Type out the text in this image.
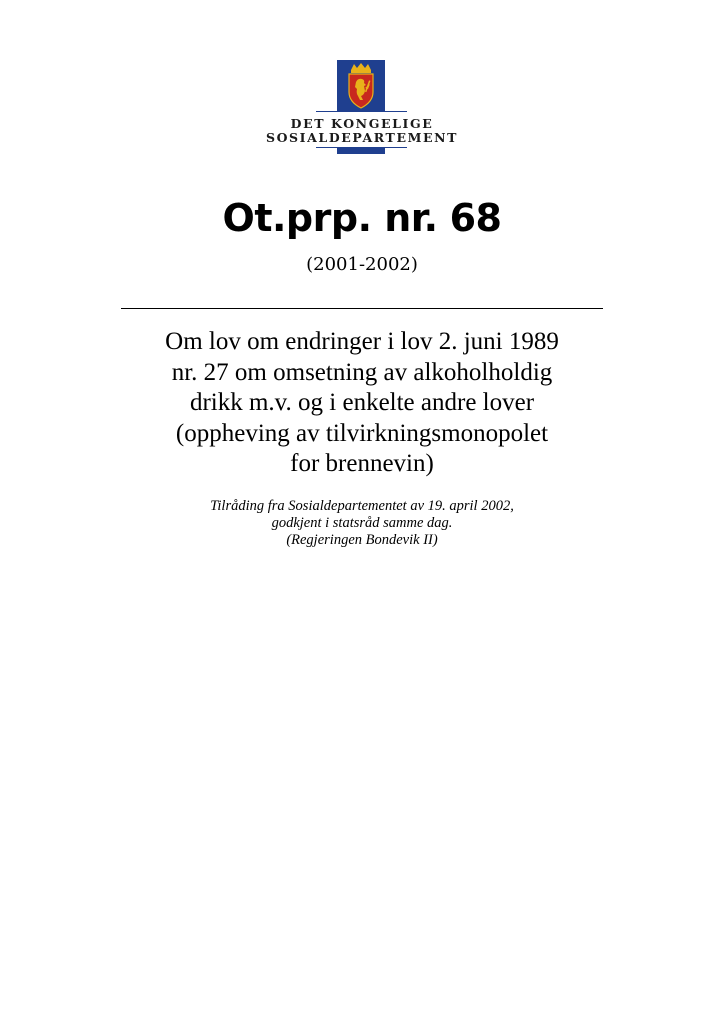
DET KONGELIGE
SOSIALDEPARTEMENT
Ot.prp. nr. 68
(2001-2002)
Om lov om endringer i lov 2. juni 1989
nr. 27 om omsetning av alkoholholdig
drikk m.v. og i enkelte andre lover
(oppheving av tilvirkningsmonopolet
for brennevin)
Tilråding fra Sosialdepartementet av 19. april 2002,
godkjent i statsråd samme dag.
(Regjeringen Bondevik II)
